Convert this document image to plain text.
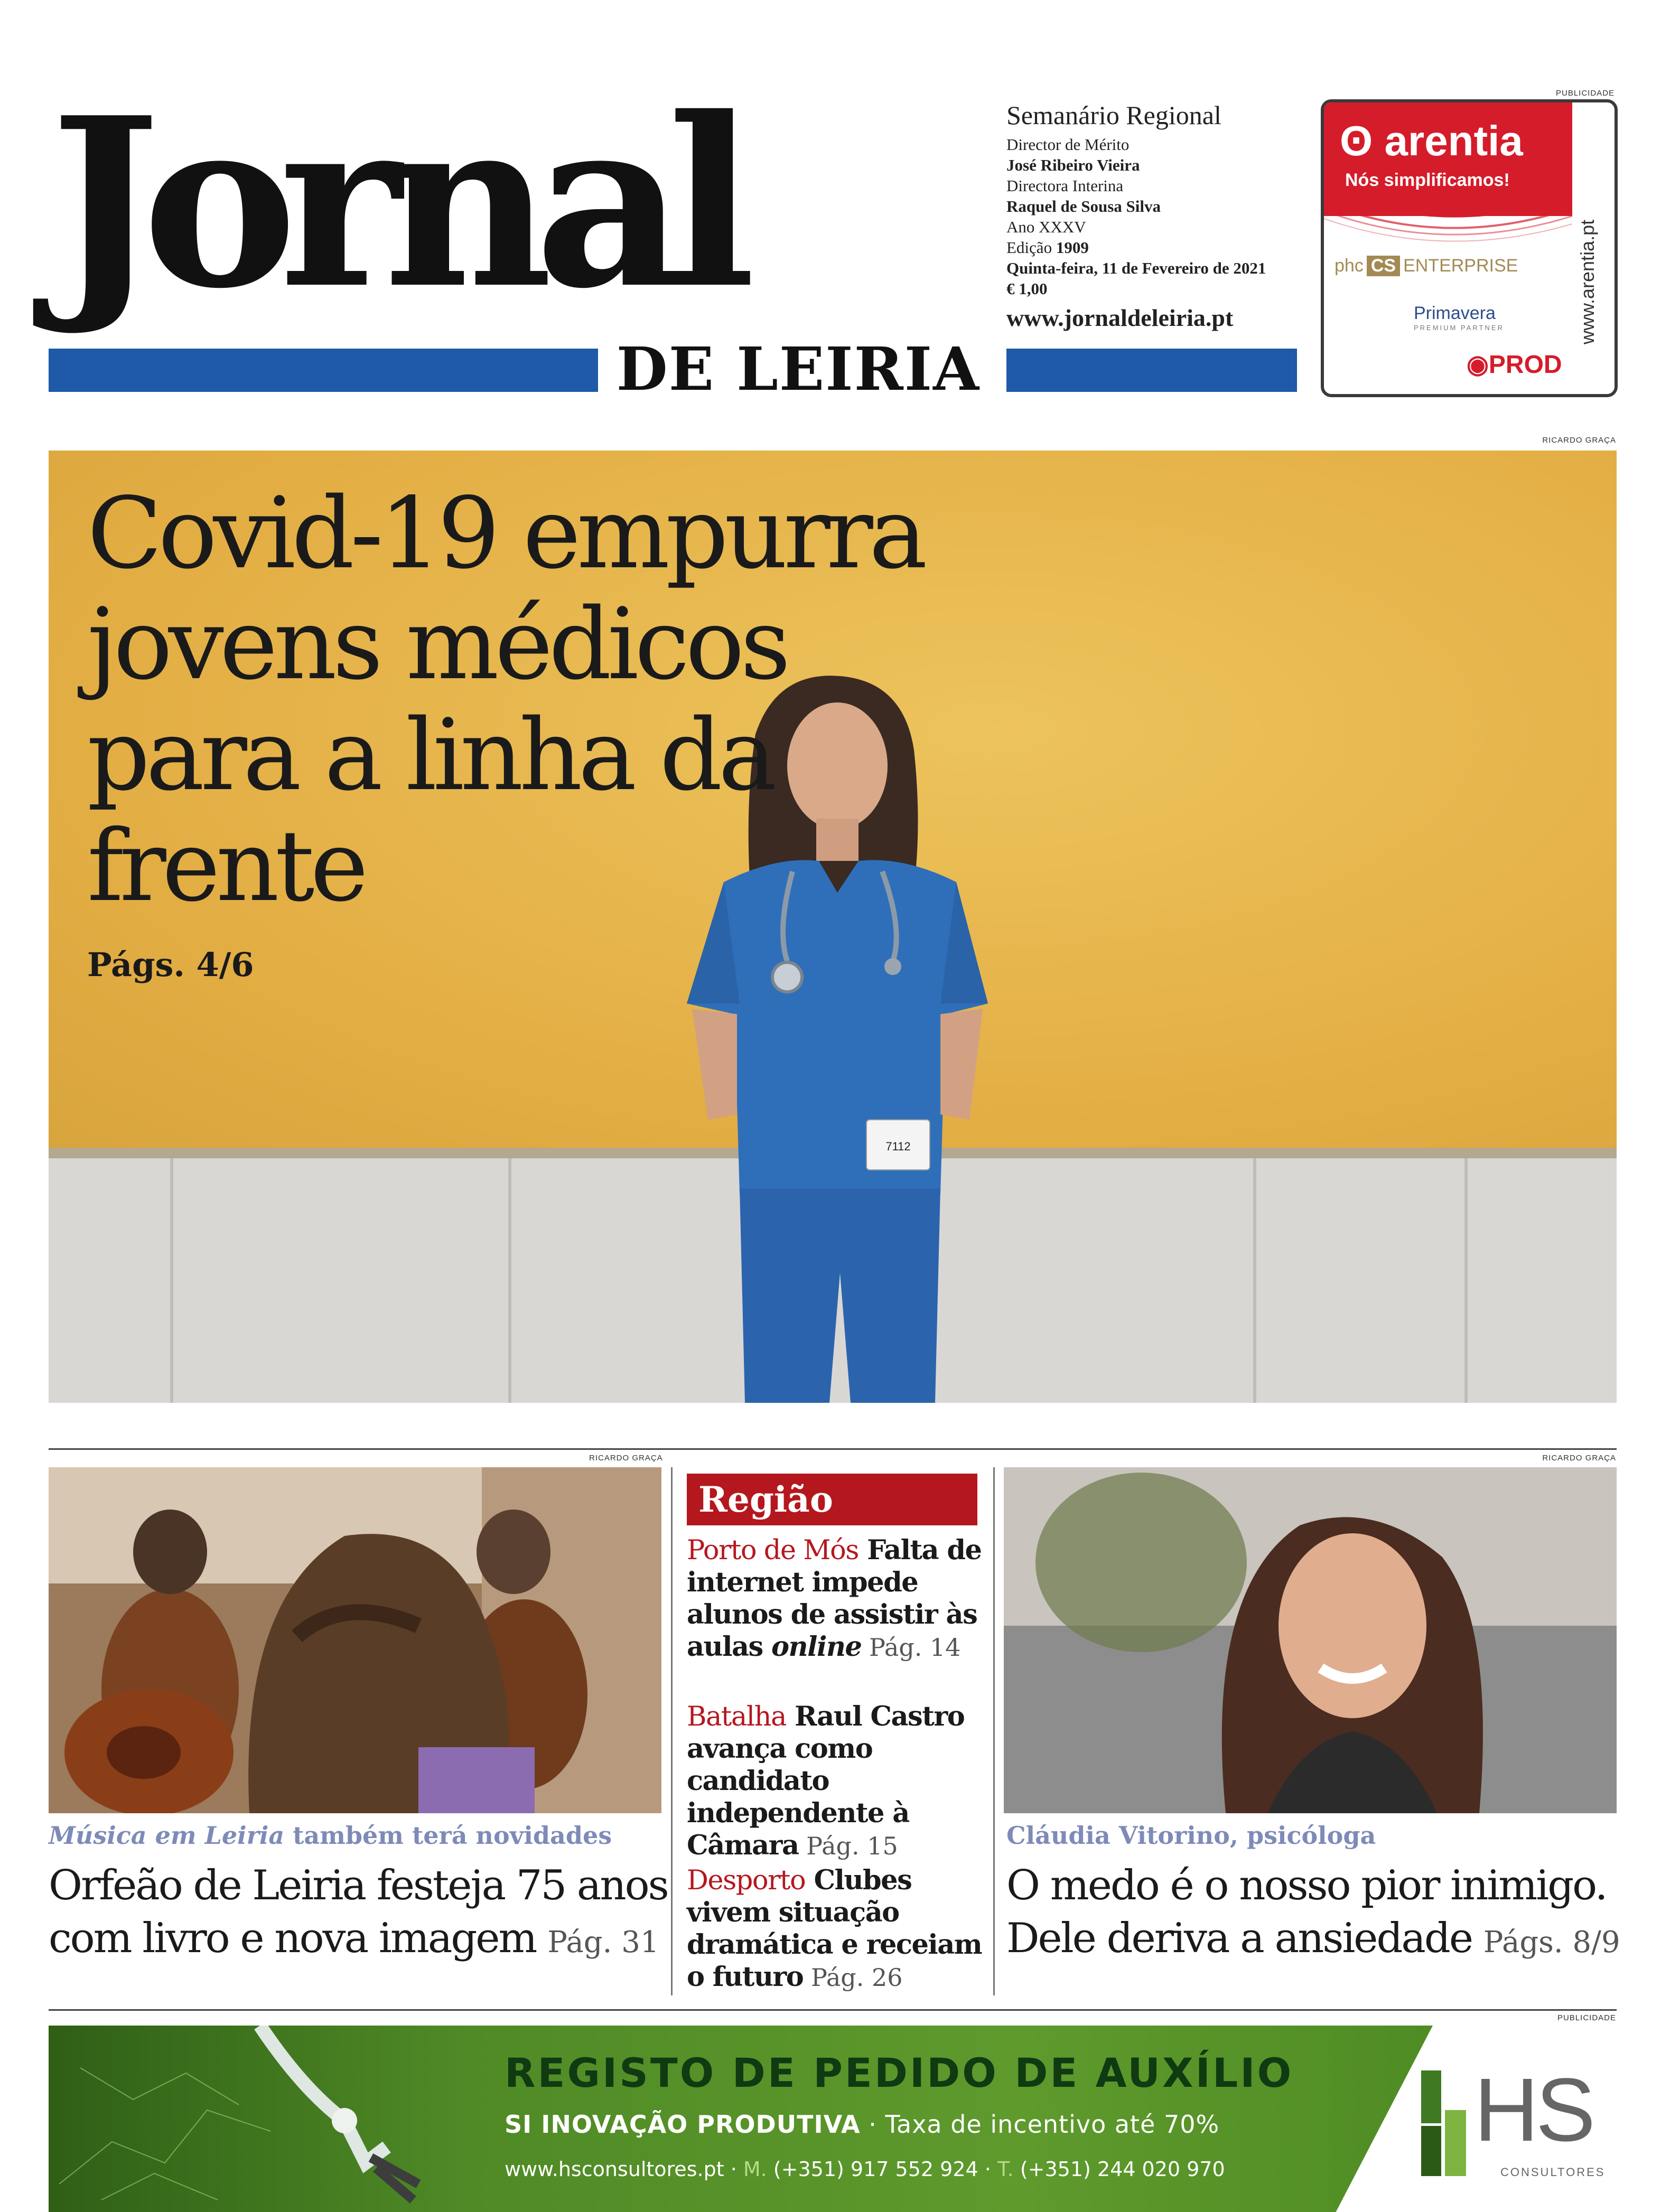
Jornal
DE LEIRIA
Semanário Regional
Director de Mérito
José Ribeiro Vieira
Directora Interina
Raquel de Sousa Silva
Ano XXXV
Edição 1909
Quinta-feira, 11 de Fevereiro de 2021
€ 1,00
www.jornaldeleiria.pt
PUBLICIDADE
ʘ arentia
Nós simplificamos!
www.arentia.pt
phc CS ENTERPRISE
Primavera
PREMIUM PARTNER
◉PROD
RICARDO GRAÇA
7112
Covid-19 empurra jovens médicos para a linha da frente
Págs. 4/6
RICARDO GRAÇA	RICARDO GRAÇA
Música em Leiria também terá novidades
Orfeão de Leiria festeja 75 anos com livro e nova imagem Pág. 31
Região
Porto de Mós Falta de internet impede alunos de assistir às aulas online Pág. 14
Batalha Raul Castro avança como candidato independente à Câmara Pág. 15
Desporto Clubes vivem situação dramática e receiam o futuro Pág. 26
Cláudia Vitorino, psicóloga
O medo é o nosso pior inimigo. Dele deriva a ansiedade Págs. 8/9
PUBLICIDADE
REGISTO DE PEDIDO DE AUXÍLIO
SI INOVAÇÃO PRODUTIVA · Taxa de incentivo até 70%
www.hsconsultores.pt · M. (+351) 917 552 924 · T. (+351) 244 020 970
HS
CONSULTORES
